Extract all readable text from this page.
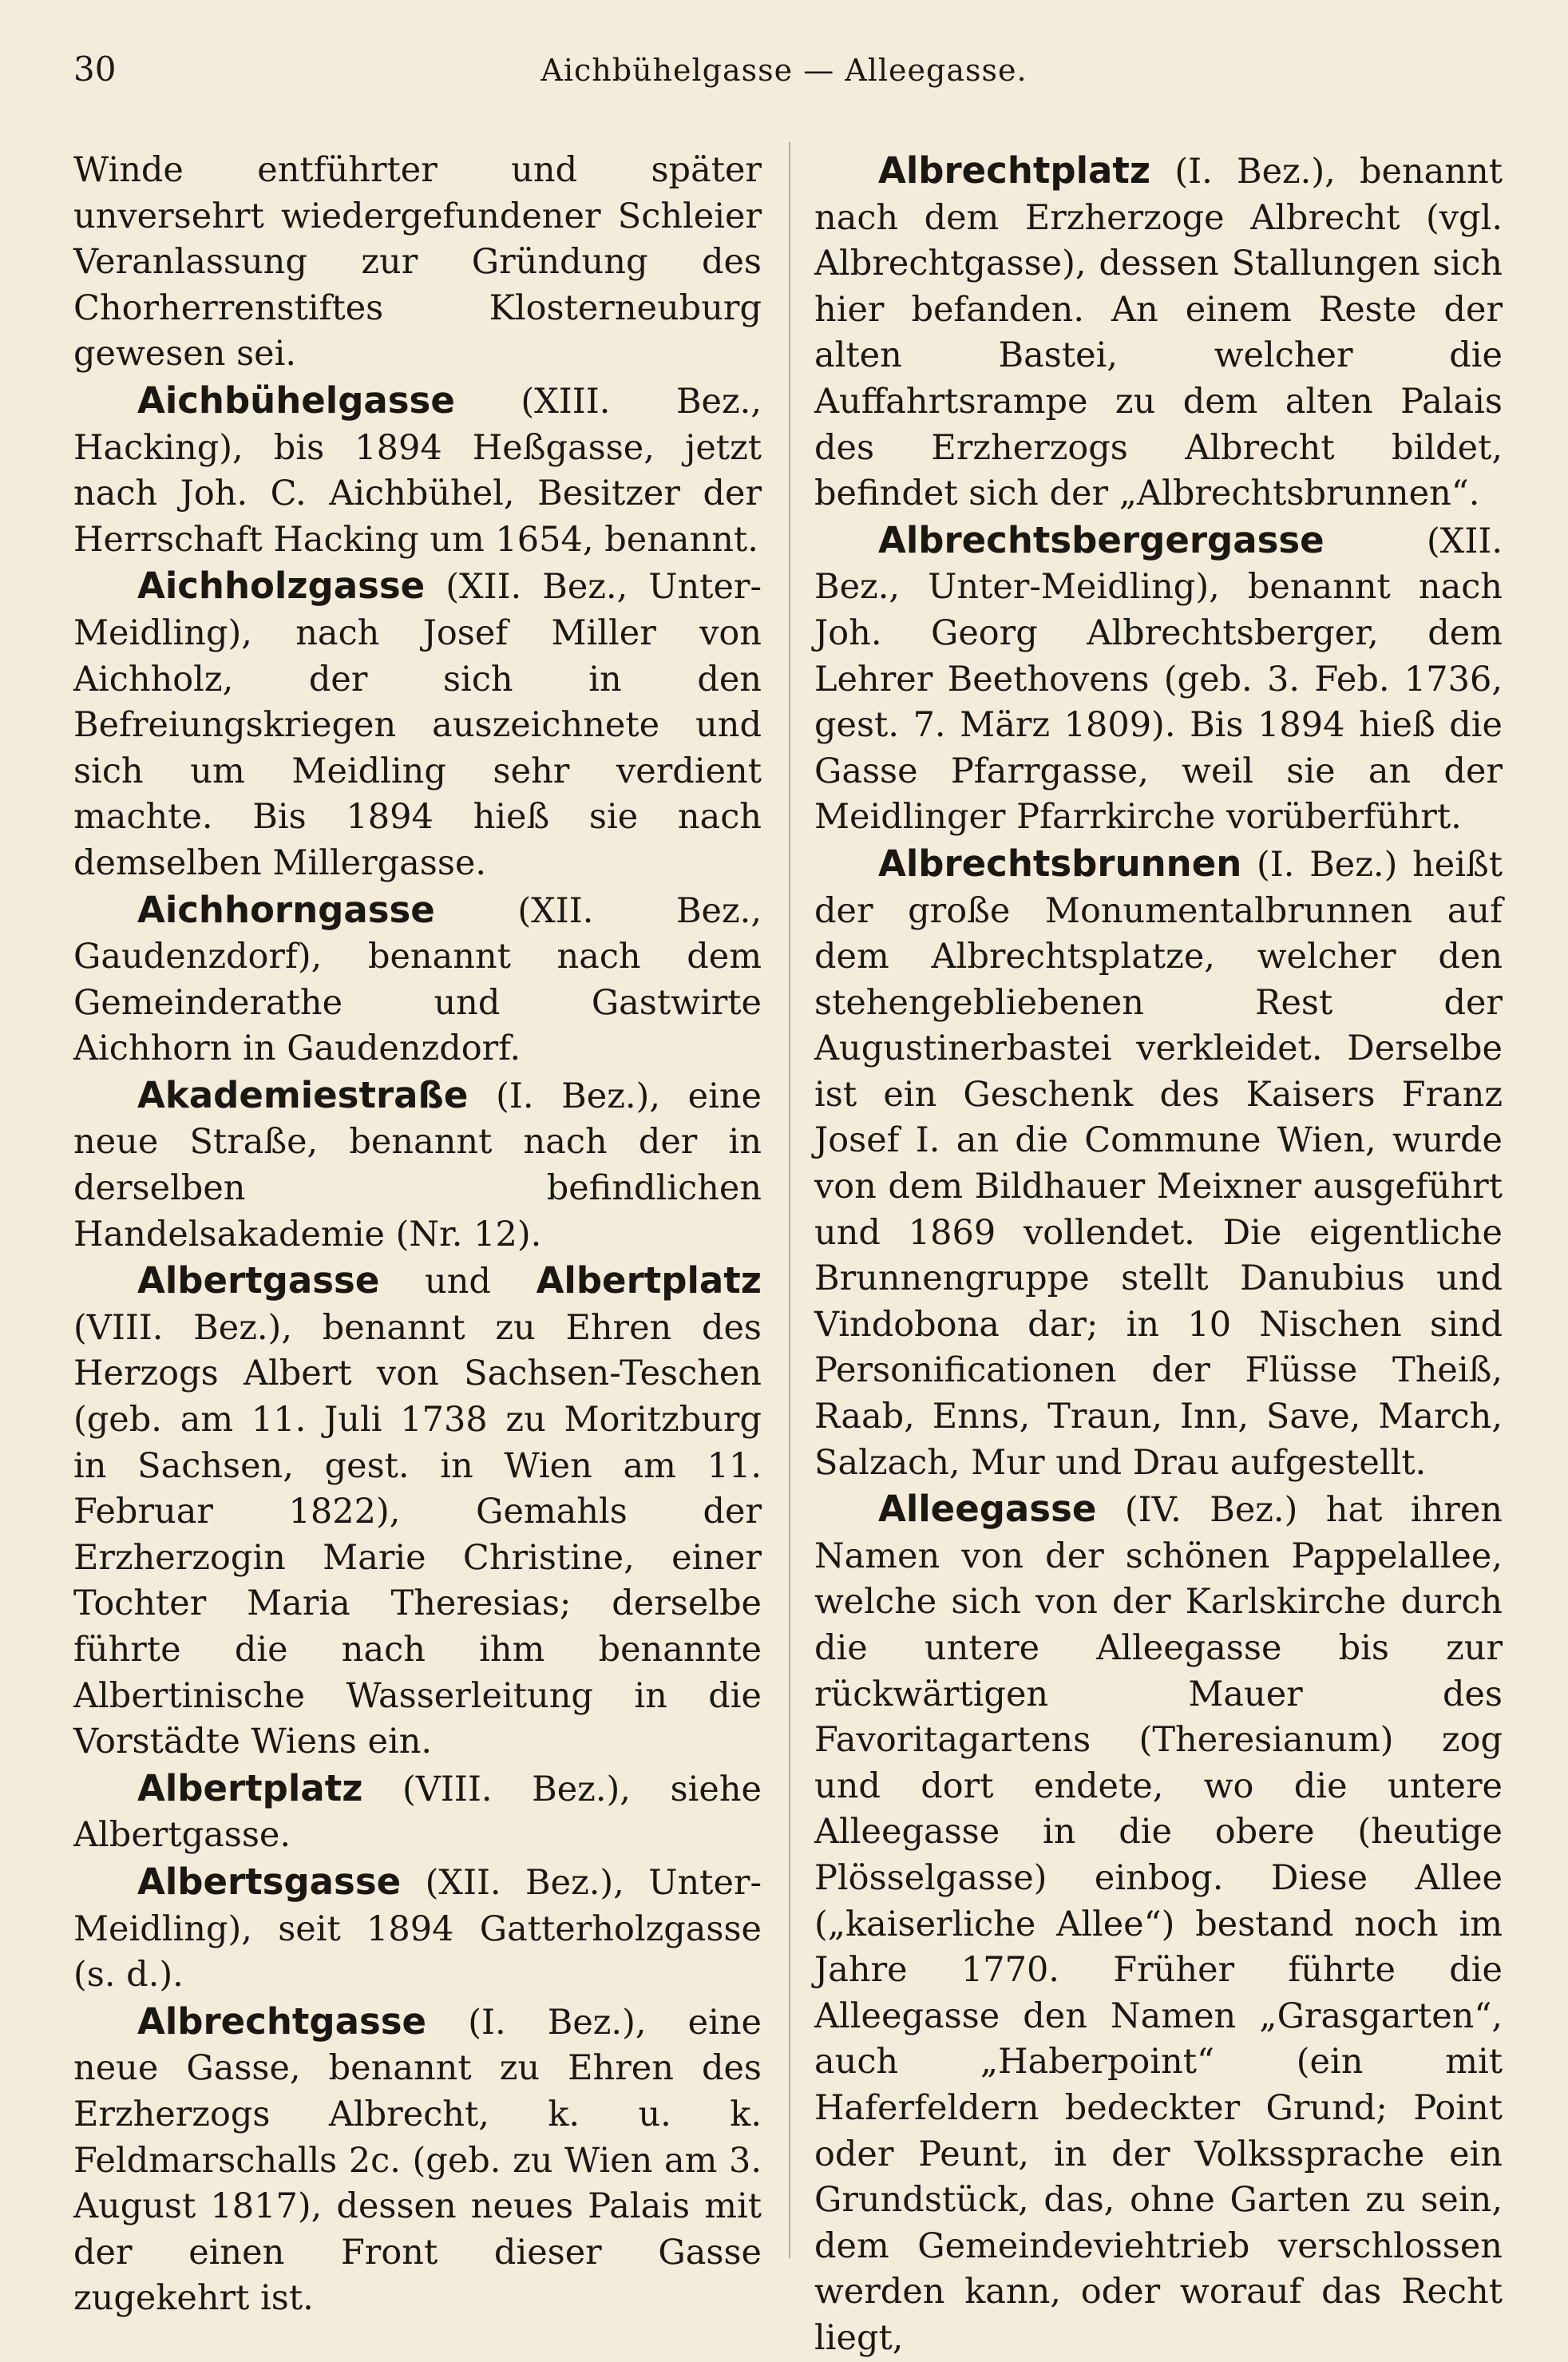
30	Aichbühelgasse — Alleegasse.

Winde entführter und später unversehrt wiedergefundener Schleier Veranlassung zur Gründung des Chorherrenstiftes Klosterneuburg gewesen sei.

Aichbühelgasse (XIII. Bez., Hacking), bis 1894 Heßgasse, jetzt nach Joh. C. Aichbühel, Besitzer der Herrschaft Hacking um 1654, benannt.

Aichholzgasse (XII. Bez., Unter-Meidling), nach Josef Miller von Aichholz, der sich in den Befreiungskriegen auszeichnete und sich um Meidling sehr verdient machte. Bis 1894 hieß sie nach demselben Millergasse.

Aichhorngasse (XII. Bez., Gaudenzdorf), benannt nach dem Gemeinderathe und Gastwirte Aichhorn in Gaudenzdorf.

Akademiestraße (I. Bez.), eine neue Straße, benannt nach der in derselben befindlichen Handelsakademie (Nr. 12).

Albertgasse und Albertplatz (VIII. Bez.), benannt zu Ehren des Herzogs Albert von Sachsen-Teschen (geb. am 11. Juli 1738 zu Moritzburg in Sachsen, gest. in Wien am 11. Februar 1822), Gemahls der Erzherzogin Marie Christine, einer Tochter Maria Theresias; derselbe führte die nach ihm benannte Albertinische Wasserleitung in die Vorstädte Wiens ein.

Albertplatz (VIII. Bez.), siehe Albertgasse.

Albertsgasse (XII. Bez.), Unter-Meidling), seit 1894 Gatterholzgasse (s. d.).

Albrechtgasse (I. Bez.), eine neue Gasse, benannt zu Ehren des Erzherzogs Albrecht, k. u. k. Feldmarschalls 2c. (geb. zu Wien am 3. August 1817), dessen neues Palais mit der einen Front dieser Gasse zugekehrt ist.

Albrechtplatz (I. Bez.), benannt nach dem Erzherzoge Albrecht (vgl. Albrechtgasse), dessen Stallungen sich hier befanden. An einem Reste der alten Bastei, welcher die Auffahrtsrampe zu dem alten Palais des Erzherzogs Albrecht bildet, befindet sich der „Albrechtsbrunnen“.

Albrechtsbergergasse (XII. Bez., Unter-Meidling), benannt nach Joh. Georg Albrechtsberger, dem Lehrer Beethovens (geb. 3. Feb. 1736, gest. 7. März 1809). Bis 1894 hieß die Gasse Pfarrgasse, weil sie an der Meidlinger Pfarrkirche vorüberführt.

Albrechtsbrunnen (I. Bez.) heißt der große Monumentalbrunnen auf dem Albrechtsplatze, welcher den stehengebliebenen Rest der Augustinerbastei verkleidet. Derselbe ist ein Geschenk des Kaisers Franz Josef I. an die Commune Wien, wurde von dem Bildhauer Meixner ausgeführt und 1869 vollendet. Die eigentliche Brunnengruppe stellt Danubius und Vindobona dar; in 10 Nischen sind Personificationen der Flüsse Theiß, Raab, Enns, Traun, Inn, Save, March, Salzach, Mur und Drau aufgestellt.

Alleegasse (IV. Bez.) hat ihren Namen von der schönen Pappelallee, welche sich von der Karlskirche durch die untere Alleegasse bis zur rückwärtigen Mauer des Favoritagartens (Theresianum) zog und dort endete, wo die untere Alleegasse in die obere (heutige Plösselgasse) einbog. Diese Allee („kaiserliche Allee“) bestand noch im Jahre 1770. Früher führte die Alleegasse den Namen „Grasgarten“, auch „Haberpoint“ (ein mit Haferfeldern bedeckter Grund; Point oder Peunt, in der Volkssprache ein Grundstück, das, ohne Garten zu sein, dem Gemeindeviehtrieb verschlossen werden kann, oder worauf das Recht liegt,
